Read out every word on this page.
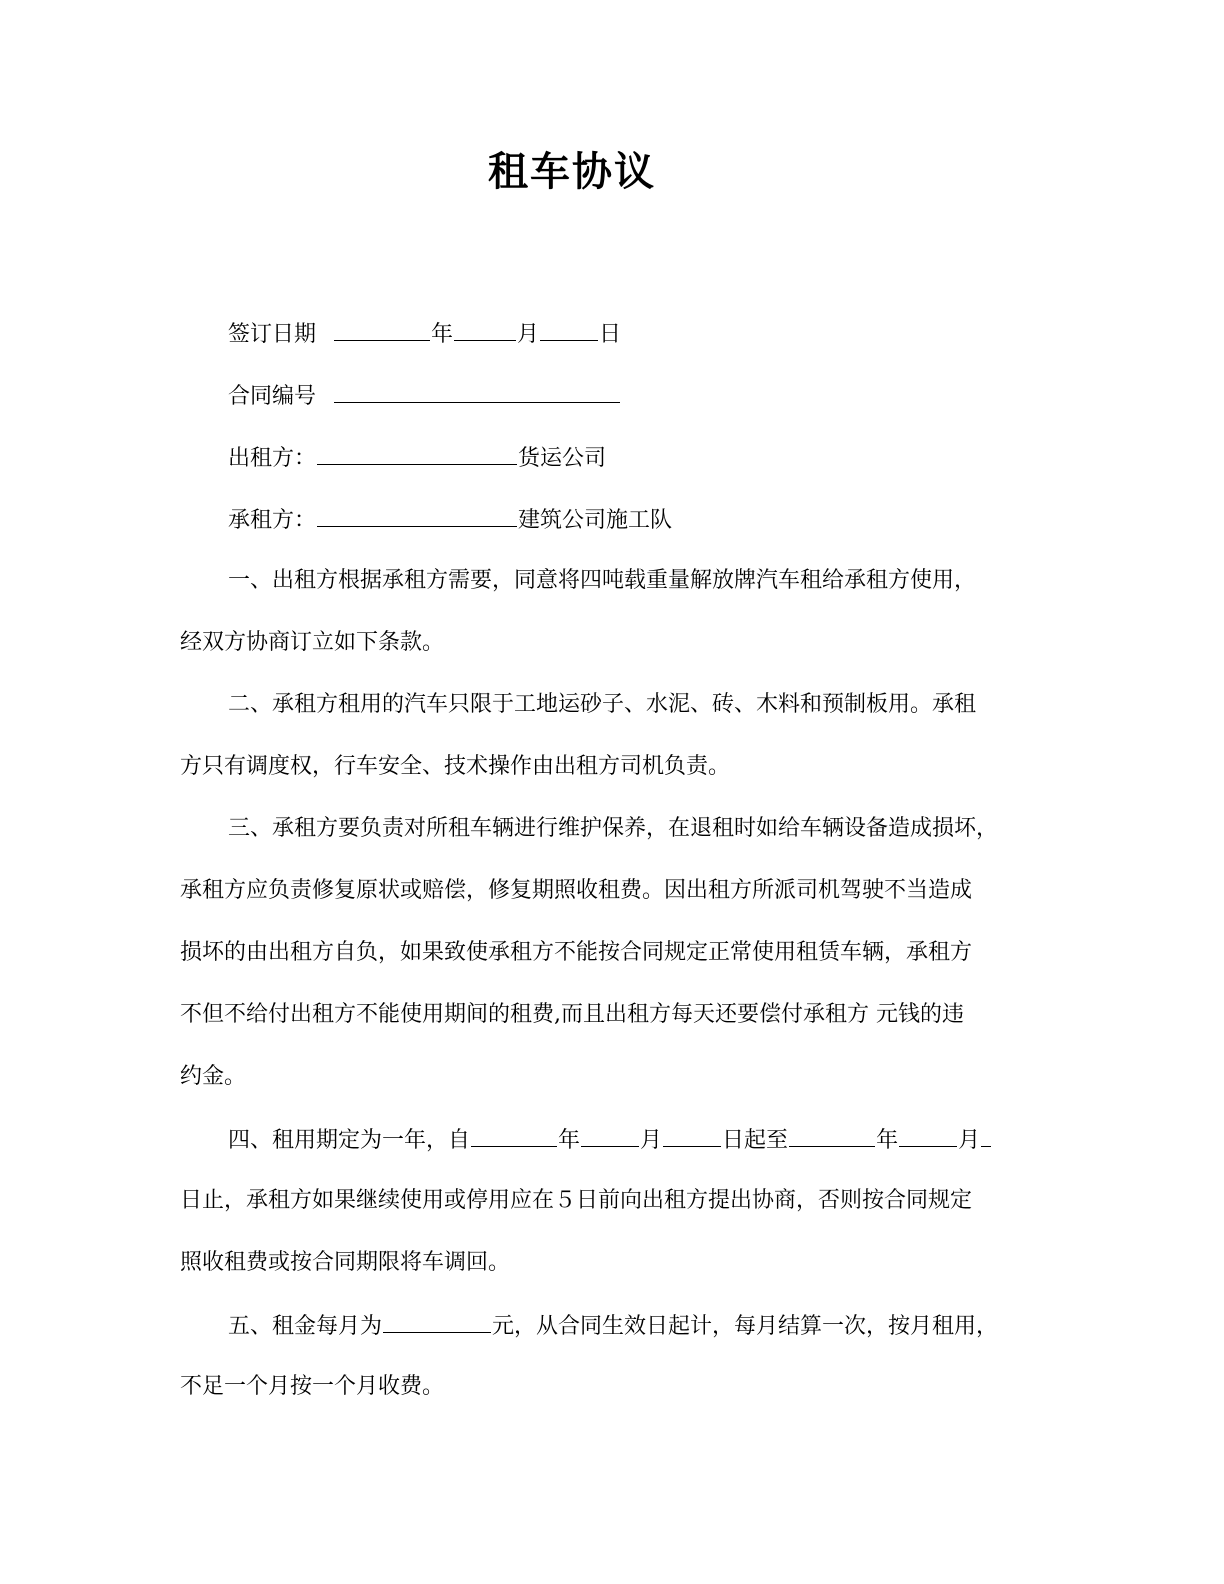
租车协议
签订日期	年	月	日
合同编号
出租方：	货运公司
承租方：	建筑公司施工队
一、出租方根据承租方需要，同意将四吨载重量解放牌汽车租给承租方使用，
经双方协商订立如下条款。
二、承租方租用的汽车只限于工地运砂子、水泥、砖、木料和预制板用。承租
方只有调度权，行车安全、技术操作由出租方司机负责。
三、承租方要负责对所租车辆进行维护保养，在退租时如给车辆设备造成损坏，
承租方应负责修复原状或赔偿，修复期照收租费。因出租方所派司机驾驶不当造成
损坏的由出租方自负，如果致使承租方不能按合同规定正常使用租赁车辆，承租方
不但不给付出租方不能使用期间的租费,而且出租方每天还要偿付承租方 元钱的违
约金。
四、租用期定为一年，自	年	月	日起至	年	月
日止，承租方如果继续使用或停用应在５日前向出租方提出协商，否则按合同规定
照收租费或按合同期限将车调回。
五、租金每月为	元，从合同生效日起计，每月结算一次，按月租用，
不足一个月按一个月收费。
